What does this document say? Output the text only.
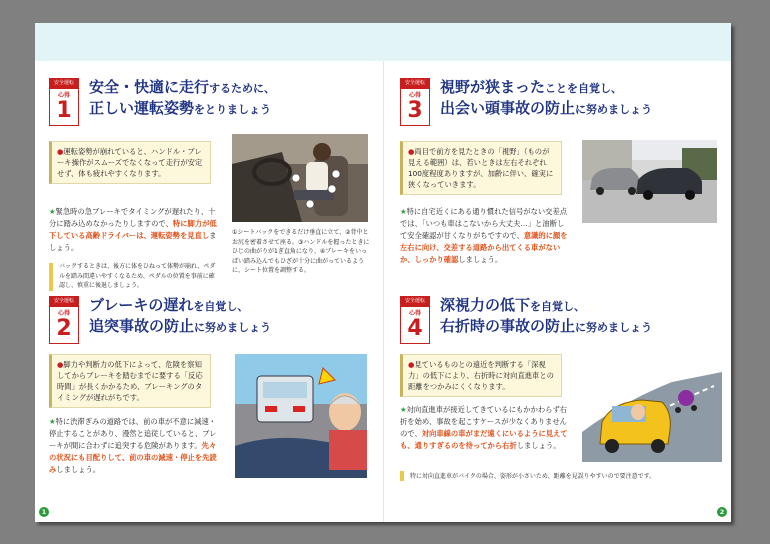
安全運転
心得
1
安全・快適に走行するために、
正しい運転姿勢をとりましょう
●運転姿勢が崩れていると、ハンドル・ブレーキ操作がスムーズでなくなって走行が安定せず、体も疲れやすくなります。
★緊急時の急ブレーキでタイミングが遅れたり、十分に踏み込めなかったりしますので、特に脚力が低下している高齢ドライバーは、運転姿勢を見直しましょう。
バックするときは、後方に体をひねって体勢が崩れ、ペダルを踏み間違いやすくなるため、ペダルの位置を事前に確認し、慎重に後退しましょう。
①シートバックをできるだけ垂直に立て、②背中とお尻を密着させて座る。③ハンドルを握ったときにひじの曲がりが1ぎ直角になり、④ブレーキをいっぱい踏み込んでもひざが十分に曲がっているように、シート位置を調整する。
安全運転
心得
3
視野が狭まったことを自覚し、
出会い頭事故の防止に努めましょう
●両目で前方を見たときの「視野」（ものが見える範囲）は、若いときは左右それぞれ100度程度ありますが、加齢に伴い、確実に狭くなっていきます。
★特に自宅近くにある通り慣れた信号がない交差点では、「いつも車はこないから大丈夫…」と油断して安全確認が甘くなりがちですので、意識的に顔を左右に向け、交差する道路から出てくる車がないか、しっかり確認しましょう。
安全運転
心得
2
ブレーキの遅れを自覚し、
追突事故の防止に努めましょう
●脚力や判断力の低下によって、危険を察知してからブレーキを踏むまでに要する「反応時間」が長くかかるため、ブレーキングのタイミングが遅れがちです。
★特に渋滞ぎみの道路では、前の車が不意に減速・停止することがあり、漫然と追従していると、ブレーキが間に合わずに追突する危険があります。先々の状況にも目配りして、前の車の減速・停止を先読みしましょう。
安全運転
心得
4
深視力の低下を自覚し、
右折時の事故の防止に努めましょう
●見ているものとの遠近を判断する「深視力」の低下により、右折時に対向直進車との距離をつかみにくくなります。
★対向直進車が接近してきているにもかかわらず右折を始め、事故を起こすケースが少なくありませんので、対向車線の車がまだ遠くにいるように見えても、通りすぎるのを待ってから右折しましょう。
特に対向直進車がバイクの場合、姿形が小さいため、距離を見誤りやすいので要注意です。
1	2
